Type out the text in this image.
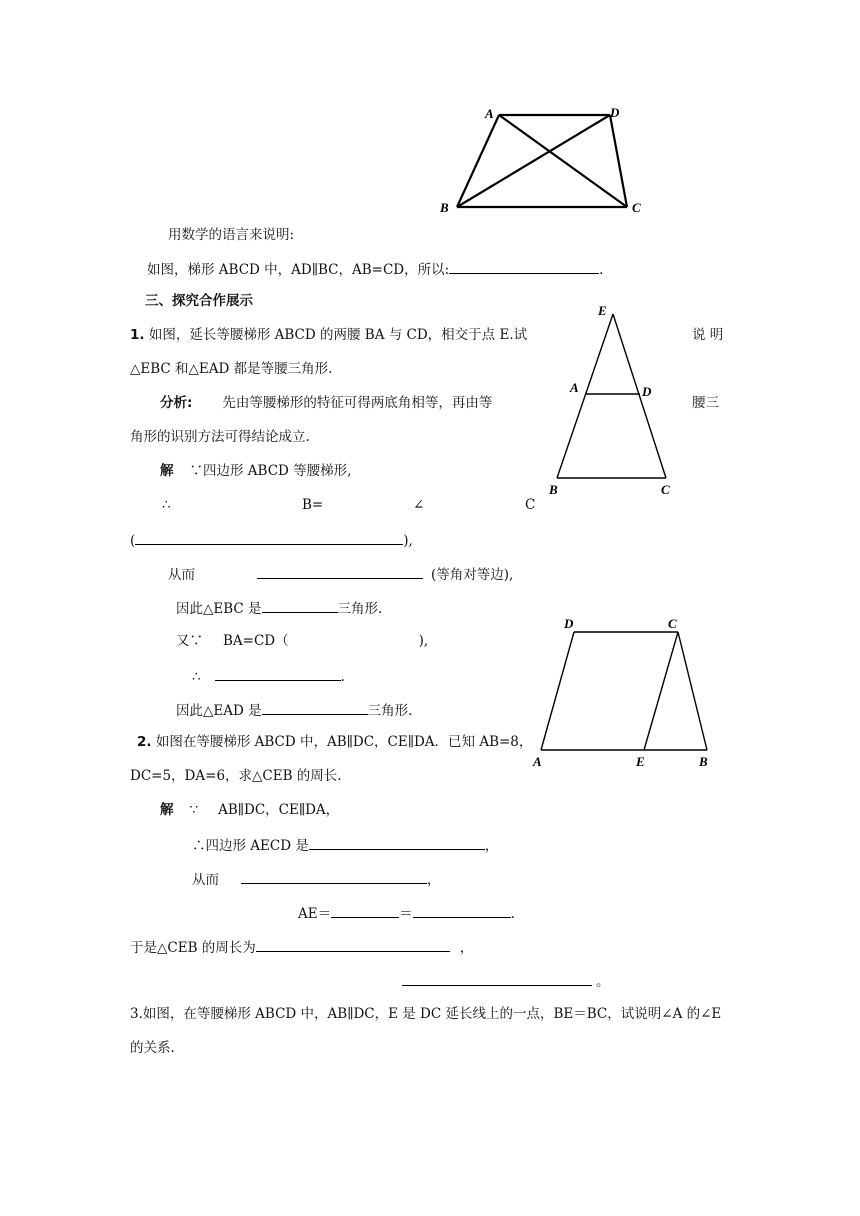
A	D
B	C
用数学的语言来说明:
如图，梯形 ABCD 中，AD∥BC，AB=CD，所以:	.
三、探究合作展示
E
A	D
B	C
1. 如图，延长等腰梯形 ABCD 的两腰 BA 与 CD，相交于点 E.试	说 明
△EBC 和△EAD 都是等腰三角形.
分析: 先由等腰梯形的特征可得两底角相等，再由等	腰三
角形的识别方法可得结论成立.
解 ∵四边形 ABCD 等腰梯形,
∴	B=	∠	C
(	),
从而	(等角对等边),
因此△EBC 是	三角形.
又∵ BA=CD（	),
∴	.
因此△EAD 是	三角形.
D	C
A	E	B
2. 如图在等腰梯形 ABCD 中，AB∥DC，CE∥DA．已知 AB=8，
DC=5，DA=6，求△CEB 的周长.
解 ∵ AB∥DC，CE∥DA，
∴四边形 AECD 是	，
从而	，
AE＝	＝	.
于是△CEB 的周长为	，
。
3.如图，在等腰梯形 ABCD 中，AB∥DC，E 是 DC 延长线上的一点，BE＝BC，试说明∠A 的∠E
的关系.
